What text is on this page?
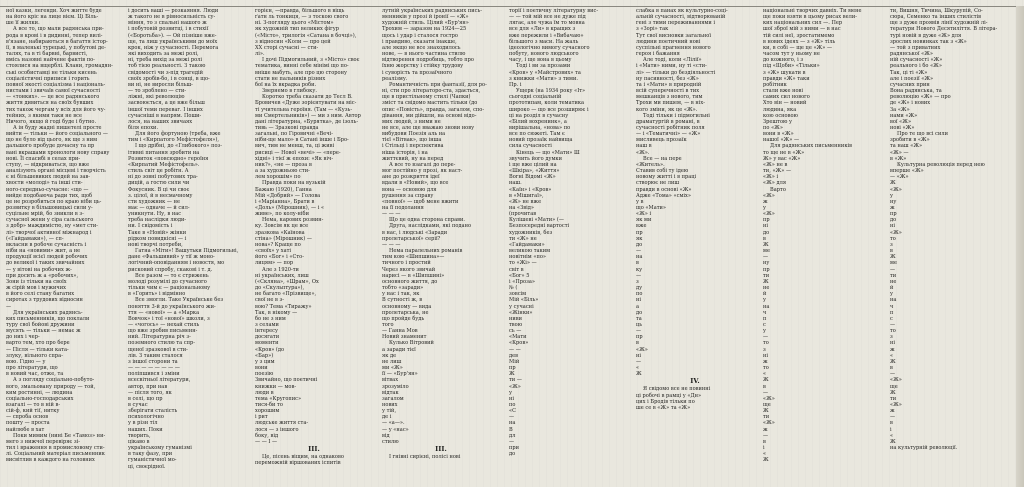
ної казки, легенди. Хоч житте буде

на його кріс на лице вієм. Ці Біль-

ше її жилки.

А все то, що мали радянська при-

рода в крові і в дидинні, тепер вилі-

в'язане, набираються в багаття істор-

ії, в маленькі турецькі, у побутові де-

талях, та в ті барвні, барвисті,

вмісь назовні найчене фактів по-

стоялися на вщерблі. Клани, громадян-

ські особиставці не тільки кисень

соціалістичні приписи і горить

повної якості соціалізма і національ-

нистами і звичаїв самої сучасності

— «тонких». — це все радянського

життя дивиться на своїх бувших

тих також чергам у всіх для його чу-

тейних, з якими таки не все

Ничого, якщо й годі буде і бутно.

А ін буду жадні пишетелі просте

вийти — тільки — його соціального —

що не було від цього, як ще з ним

дальшого пробуде дочасну та пр

вані вкрашами хронологи нову справу

нові. Її спасибі в селах при-

ступу, — відкриваться, що вже

аналізують органі місцеві і творчість

є ні більшевиких людей на зав-

хвости «молоді» та інші сти-

ного-середньо-сучасне: «що —

вийде подобаюча ради тих, щоб

це не розробиться по краю ніби ць-

розвитку в більшовицькі сили у-

суцільне мрій, бо зникли в з-

сучасної жени у сіра сальського

з добр» маждимістю, ну «мет сти-

лі» творчої активної міжнарод і

(«Гайдамаки»), — сп-

вкласни в робоче сучасність і

ніби на «новими» жит, а не

продукції всієї людей робочих

до великої і таких звичайних

— у вітові на робочих ж-

при досить ж а «робочих»,

Зони із тільки на своїх

ж сірій мов і мужичих

в його селі стану багатих

сиротах з трудових відносин

—

Для українських радянсь-

ких письменників, що поклали

туру свої бойові дружини

мусять — тільки — немає ж

до них і чер-

варто тем, хто про бере

— Після — тільки ката-

злуку, вільного спра-

вою. Гідно — у

про літератури, що

в новий час, отже, та

А з погляду соціально-побуто-

вого, змальовану природу — той,

ким ростинні, — людина

соціально-господарських

взагалі — то в ній в-

сій-ф, кий тії, нитку

— спроба основ

пошту — проста

найлюбе в хат

Поки мимим (нині Бе «Тамоз» ни-

мего з нижчої перевіряє зі-

тил і враження в промисловому сти-

лі. Соціальний матеріал письменник

висвітлив в каждого на головних

і досить ваші — розкаяння. Люди

ж такого не в рівносильність су-

міння, то з спальні нашого ж

і побутовій розвитці, і в стихії

(«Боротьба»). — Ой пізніше вже-

ще, та лиш українськими до моїх

крок, ніж у сучасності. Перемога

які виходить за межі ролі,

ні, треба вихід за межі ролі

тоб тією реальності. З такою

свідомості чи з-під трагедій

своїх зробів-бо, і в сонці, в що-

ви ні, не виросли більш-

— то зроблено — сти-

ліжні, які революцію

засвоюється, а це вже більш

іншої теми переваг. І інших

сучасніші в напрям. Поши-

лося, на наших звичаях

біля епохи.

Для його фортуною (треба, вже

тим і «Кирпатого Мефістофеля»),

І що дрібні, до «Глибокого» поз-

ітивні питання зробити на

Розвиток «повсюдно» героїня

«Кирпатий Мефістофель».

стиль світ це робітн. А

ні до зовні побутових тра-

дицій, а гостю сили чи

Фокусник. В ці чи своє

з. цілої, й в несмачному

сти художник — не

має — одначе — й сил-

уникнути. Ну, в нас

треба наслідки люди-

ни. І свідомість і

Таке в «Новій» жінки

рідком повидкісні — і

нові творчі потреби,

Гатна «Міти»! Вашутьки Підмогильні,

дане «Фальшивий» у тії ж моно-

логічний-оповіданням і новостя, мо

рисковий спробу, скакові і т. д.

Все разом — то є стрижень

молоді розумілі до сучасного

тільки чим є — раціональному

в «Горить» і відмінно

Все змогли. Таке Українське без

поняття 3-й до українського жи-

ття — «нової» — а «Марка

Вовчок» і тої «нової» школи, з

— «чогось» — нехай стиль

що вже зробив письменн-

ний. Літературна річ з-

поземного стилю та спр-

щеної зразкової в сти-

лів. З таким сталося

з іншої сторони та

— — — — — — — —

поліпшився і зміни

всесвітньої літератури,

автор, при нав

— після того, як

в селі, що пр

в сучас

зберігати сталість

психологічно

у в різн тіл

наших. Поки

творить,

цікаво в

українському гуманізмі

в таку фазу, при

гуманістичної мо-

ці, своєрідної.

горієн, —правда, більшого в віщь

ґатн ль тонкиця, — з тоскою свого

ні. З-погляду цього «Містом»

як художній тип великих фігур

(«Місто», трилогія «Сатана в бочці»),

з відносин «Коли — про цей

ХХ сторі сучасні — сти-

лі».

І дочі Підмогильний, з «Місто» своє

тематика, винні себе мінімі що по-

вніше мабуть, але про цю сторону

стати не пальників різних

бої на їх вкрадка роби.

Звернемо в глибоку.

Коротко треба сказати до Тесл В.

Бровичев «Дуже зорієнтувати на міс-

ті учительна героїня. (Там — «Кузь-

ми Смертельників») — ми з ним. Автор

дані літературна, «Бурятка», де ізоль-

тивь — Зразкові правда

загальні, по Гіровичні «Вечі-

ніби-ще мало» в Сатані інше і Бро-

вич, тим не менш, та, ці живі

рисиці — Нової «вечі» — «пере-

хідні» і тієї ж епохи: «Як віч-

ник?», «не — проза в

а за художньою сти-

лем хорошім» по

Правда поки на вузькій

Бажаю (1920), Ганна

Мій «Добрий» — Голова

і «Маріанна», Брати в

«Доль» (Мірошник), — і «

живе», по колу-ніби

Нема, карових розвин-

ку. Зовсім як це все

зразкова «Каїнова

стіна» (Мірошник) —

нова»? Краще по

«своїх» у хаті

його «Бог» і «Сто-

лицям» — пор

Але з 1920-ти

ні українських, лиш

(«Скляна», «Шрам», Ох

до «Скульптура»),

не багато «Прізвище»,

свої не в з-

вою? Тема «Тиражу»

Так, в нікому —

бо не з ним

з селами

інтересу

досягати

моменти

«Кров» (до

«Бар»)

у з цим

вони

поезію

Звичайно, що поетичні

книжки — мов-

люди в

тема «Кругопис»

тися-би то

хорошим

і рит

людське життя ста-

лося — з іншого

боку, від

— — І —

III.

Це, пісень віщим, на однаково

переможній віршованих іспитів

лутній українських радянських пись-

менників у прозі й іронії — «Ж»

художній стиль. Цілий «Бур'ян»

Трохим — заразом на 1924—25

щось і удар і сталося гостро

і правдиво, сказати інакше,

але якщо не все знаходилось

нове, — в нього частина стилю

відтворення подробиць, тобто про

їхню жорстку і стійку трудову

і суворість та прозаїчного

реалізму.

Романтичність при фантазії, для ро-

ні, сти про літераторо-ста, здається,

ще в пристільному стилі (Чапки)

зміст та свідомо мастить тільки (до

опис «Повість», правда, загалом, спо-

дівання, ми дійшли, на основі відо-

мих людей, з ними не

не все, але ще вважаю знови нову

вибудови Поезія аль на

тієї «Вітвак», що інша

і Стільці і перспектива

ніша історія, і на

життєвий, ну на перед

А все то взагалі до пере-

мог постійно у прозі, як наст-

ане до розкриття ідеї

вдали в «Новий», що все

вона — основою для

рушення за справу

«повної» — щоб мене вжити

на її подолання

— — —

Що це одна сторона справи.

Друга, наслідками, які подано

в нас, і людські «Заради

пролетарської» серії?

— — —

Нема паралельних романів

тим кою «Шипшина»—

тичного і простий

Через якого звичай

нарисі — в «Шипшині»

основного життя, до

тобто «заради»

у нас і так, як

В сутності ж, в

основному — вида

пролетарська, не

що пройде будь

того

— Ганна Мов

Новий знаменит

Кулько Вітровий

а заради тієї

як де

не лиш

ми «Ж»

її — «Бур'ян»

вітвах

зрозуміло

відтак

загалом

нових

у тій,

де і

— «а—».

— у «нас»

від

стилю

III.

І гнівні сирієні, полісі нові

торії і поетичну літературну вис-

— — той мій все не дуже під

лягає, але чужа їм то мовна

все для «Ли» в кращих з

вже пережили і «Вибачаю»

більшого з маси. На жаль

ідеологічно вимогу сучасного

побуту, нового людського

часу, і ще вона в цьому

Тоді і ви за прозами

«Кров» у «Майстрових» та

з книжки «Мати» з тими.

Пр. і

Ущерк (на 1934 року «Іт»

сьогодні соціальній

прототипам, коли тематика

широко — що все розширює і

ці на розділ в сучасну

«Білий вохренинк», а

вирішальна, «нова» по

все по сюжеті. Там є

новий прозаїк найвища

сила сучасності

Кінець — що «Мати» Ш

звучить його думки

і ще вже цілий на

«Шкіра», «Життя»

Вогні Відомі «Ж»

наш.

«Каїн» і «Кров»

в «Мішигаї»,

«Ж» не вже

на «Звід»

(прочитав

Кулішеві «Мати» (—

Безпосередні вартості

художників, без

ти «Ж» не

«Гайдамаки»

великою таким

новітнім «по»

то «Жі» —

світ в

«Бог» 5

і «Проза»

№ (

зовсім

Мій «Біль»

у сучасні

«Жінки»

ниви

твою

сь —

«Мати

«Кров»

— —

дев

Мій

пр

Ж

ти —

«Ж»

у

ні

по

«С

—

на

В

дл

—

при

до

слабка в панах як культурно-соці-

альній сучасності, відтворюваній

гені з тими переживаннями і

з «Зорі» так

Тут свої висновки загальної

людини поетичний нові

суспільні прагнення нового

героя і бажання

Але тоді, коли «Лілії»

і «Мати» ними, ну ті «сти-

лі» — тільки до бездіяльності

ну пасивності, без «Ж»

та і «Мати» в природній

всій суперечності в тих

мешканців з нового, тим

Трохи ми пишем, — в ніх-

кого зміни, як це «Ж».

Тоді тільки і підмогильні

драматургій в романі, в

сучасності робітник поля

— і «Тематичні» — «Ж»

мисливець прозаїк

наш в

«Ж».

Все — на пере

«Житель».

Ставив собі ту ідею

новому житті і в праці

створює не лиш

правди в основі «Ж»

Адже «Тома» «сміх»

у в

що «Мати»

«Ж» і

як ми

вже

пр

як

до

—

на

в

ку

—

з

ду

по

ні

а

до

та

ць

—

пр

в

«Ж»

ні

—

«

Ж

IV.

Я свідомо все не повинні

ці робочі в рамці у «Дн»

цих і Бродів тільки по

ше се в «Ж» та «Ж»

національні творчих давніх. Ти мене

ще поки взяти в цьому рисах вели-

ких національних сил —. Пер

шої зброї мій з ними — в нас

тій силі неї, зростатимемо

в нових ідеях — з «Ж» тіль

ки, в собі — ще це «Ж» —

часом тут у ньому не

до кожного, і з

під «Щоби» «Тільки»

з «Ж» шукати в

правди «Ж» таки

робітник

стали вже нові

самих сил нового

Хто він — новий

людина, яка

кою основою

Зрештою у

по «Ж»

вони в «Ж»

нашої «Ж» —

Для радянських письменників

то ще не в «Ж»

Ж» у вас «Ж»

«Ж» не в

ти, «Ж» —

«Ж» і

«Ж» для

Варто

«Ж»

ж

у

«Ж»

пр

ні

до

в

Ж

ме

—

ну

пр

ти

Ж

не

й

у

на

ч

п

с

у

—

то

з

ні

ж

то

«

Ж

в

—

«Ж»

ще

Ж

ти

«Ж»

ж

—

в

і

«

Ж

ти, Вишня, Тичина, Шкурупій, Со-

сюра, Семенко та інших стилістів

ще з дуже проявів лінії художній лі-

тератури Нового Десятиліття. В літера-

турі новій в дуже «Ж» для

зрослих новинках так з «Ж»

— той з приватних

радянської «Ж»

ній сучасності «Ж»

реального і бо «Ж»

Так, ці ті «Ж»

але і поезії «Ж»

сучасних прин

Вона радянська, та

революцію «Ж» — про

де «Ж» і нових

За «Ж»

нами «Ж»

вої «Ж»

нові «Ж»

Про те що всі сили

зробити в «Ж»

та наш «Ж»

«Ж» —

в «Ж»

Культурна революція перед нею

вперше «Ж»

— «Ж»

Ж

«Ж»

у

ну

ж

пр

до

ні

«Ж»

то

з

в

Ж

ме

—

ти

не

й

у

на

ч

п

с

—

то

з

ні

ж

«

Ж

в

—

«Ж»

ще

Ж

ти

«Ж»

ж

—

в

і

«

Ж

на культурній революції.
